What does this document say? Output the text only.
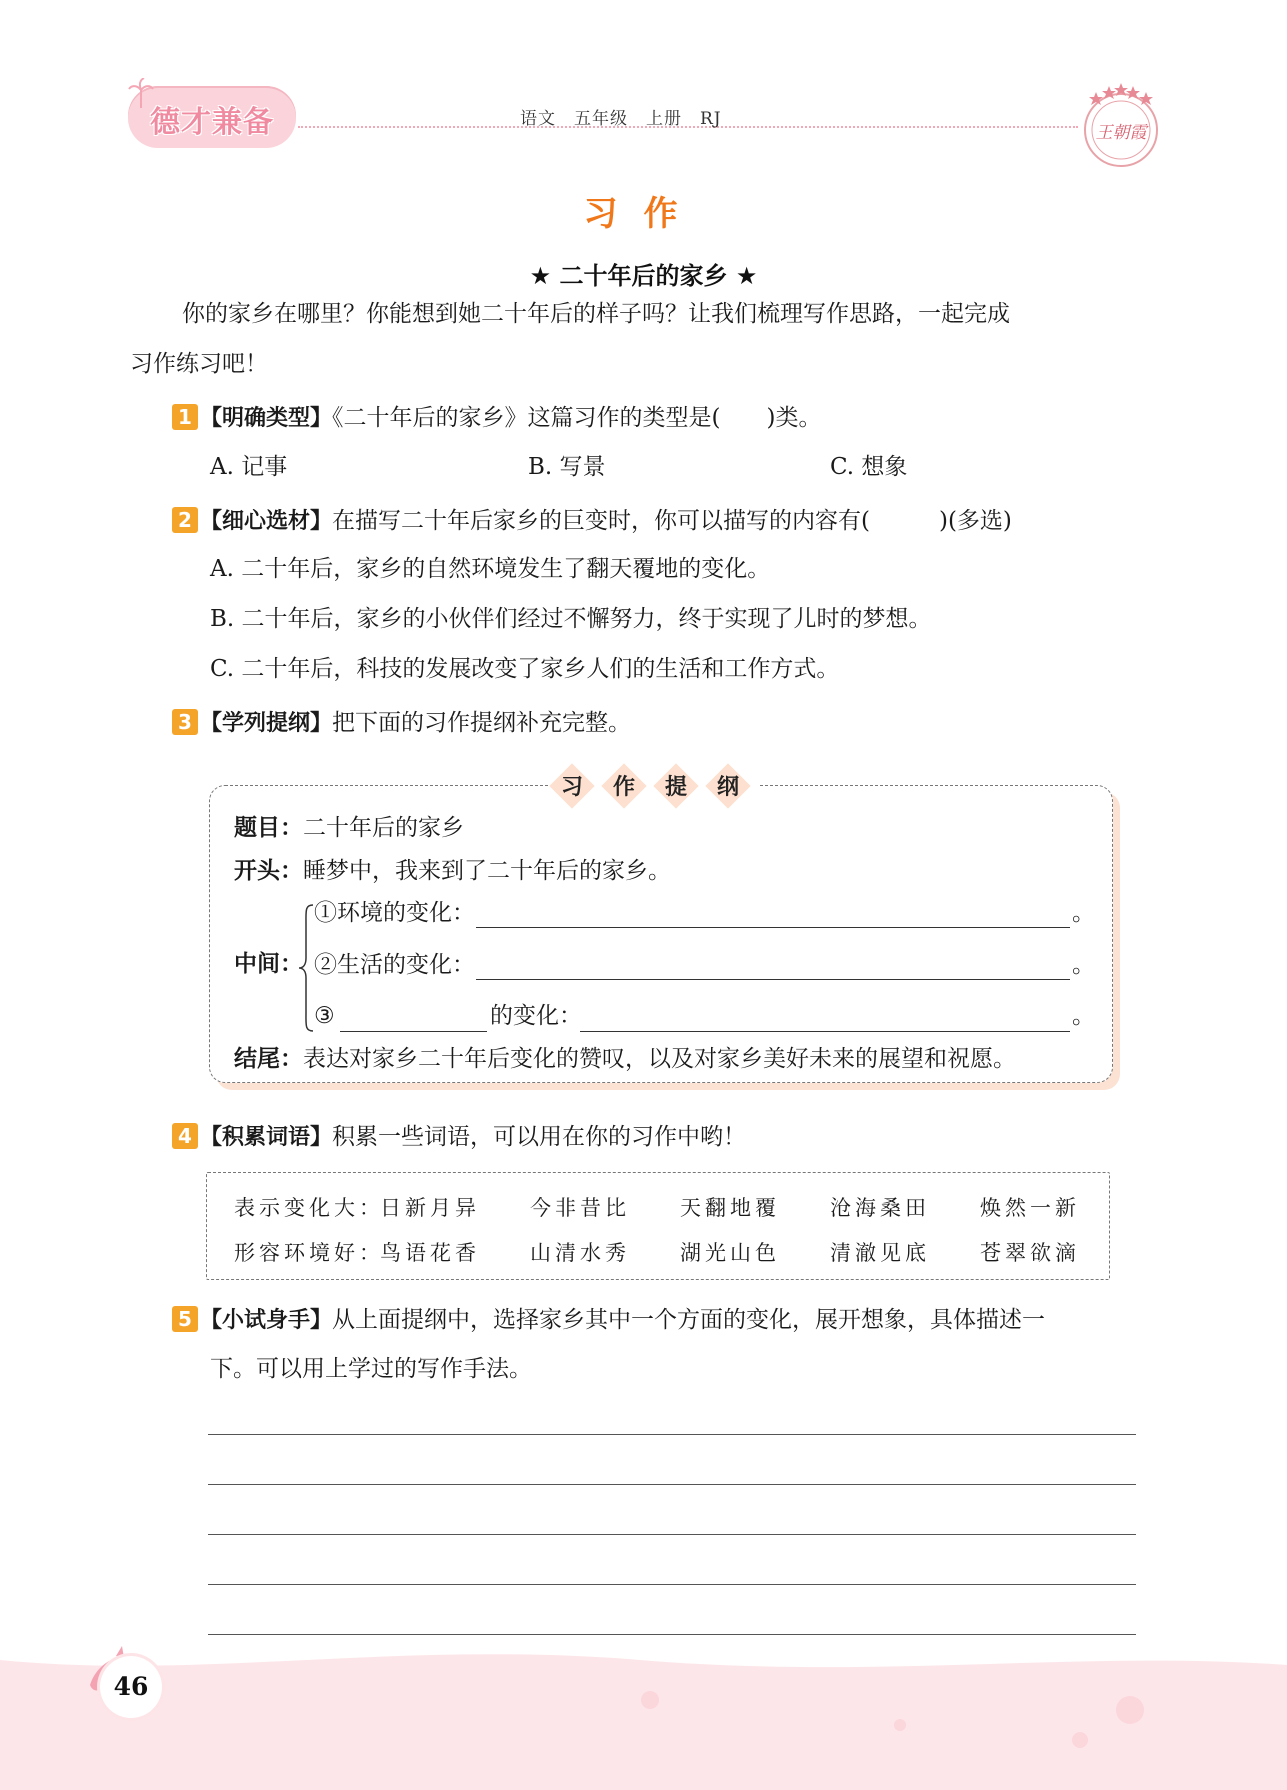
德才兼备	语文 五年级 上册 RJ
王朝霞
习作
★ 二十年后的家乡 ★
你的家乡在哪里？你能想到她二十年后的样子吗？让我们梳理写作思路，一起完成
习作练习吧！
1 【明确类型】《二十年后的家乡》这篇习作的类型是(　　)类。
A. 记事	B. 写景	C. 想象
2 【细心选材】在描写二十年后家乡的巨变时，你可以描写的内容有(　　　)(多选)
A. 二十年后，家乡的自然环境发生了翻天覆地的变化。
B. 二十年后，家乡的小伙伴们经过不懈努力，终于实现了儿时的梦想。
C. 二十年后，科技的发展改变了家乡人们的生活和工作方式。
3 【学列提纲】把下面的习作提纲补充完整。
习	作	提	纲
题目：二十年后的家乡
开头：睡梦中，我来到了二十年后的家乡。
中间：
①环境的变化：	。
②生活的变化：	。
③	的变化：	。
结尾：表达对家乡二十年后变化的赞叹，以及对家乡美好未来的展望和祝愿。
4 【积累词语】积累一些词语，可以用在你的习作中哟！
表示变化大：
日新月异 今非昔比 天翻地覆 沧海桑田 焕然一新
形容环境好：
鸟语花香 山清水秀 湖光山色 清澈见底 苍翠欲滴
5 【小试身手】从上面提纲中，选择家乡其中一个方面的变化，展开想象，具体描述一
下。可以用上学过的写作手法。
46
